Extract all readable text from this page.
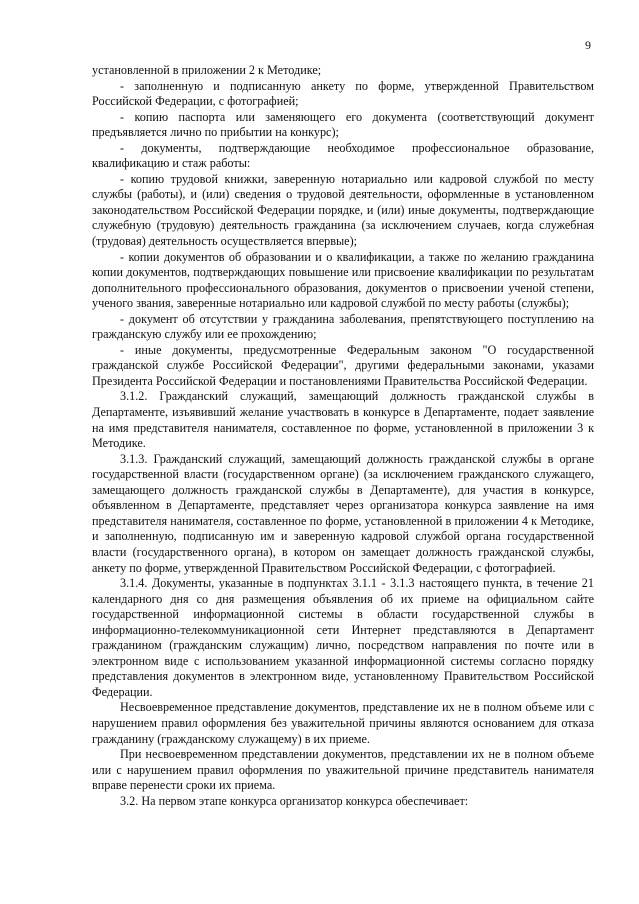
9

установленной в приложении 2 к Методике;

- заполненную и подписанную анкету по форме, утвержденной Правительством Российской Федерации, с фотографией;

- копию паспорта или заменяющего его документа (соответствующий документ предъявляется лично по прибытии на конкурс);

- документы, подтверждающие необходимое профессиональное образование, квалификацию и стаж работы:

- копию трудовой книжки, заверенную нотариально или кадровой службой по месту службы (работы), и (или) сведения о трудовой деятельности, оформленные в установленном законодательством Российской Федерации порядке, и (или) иные документы, подтверждающие служебную (трудовую) деятельность гражданина (за исключением случаев, когда служебная (трудовая) деятельность осуществляется впервые);

- копии документов об образовании и о квалификации, а также по желанию гражданина копии документов, подтверждающих повышение или присвоение квалификации по результатам дополнительного профессионального образования, документов о присвоении ученой степени, ученого звания, заверенные нотариально или кадровой службой по месту работы (службы);

- документ об отсутствии у гражданина заболевания, препятствующего поступлению на гражданскую службу или ее прохождению;

- иные документы, предусмотренные Федеральным законом "О государственной гражданской службе Российской Федерации", другими федеральными законами, указами Президента Российской Федерации и постановлениями Правительства Российской Федерации.

3.1.2. Гражданский служащий, замещающий должность гражданской службы в Департаменте, изъявивший желание участвовать в конкурсе в Департаменте, подает заявление на имя представителя нанимателя, составленное по форме, установленной в приложении 3 к Методике.

3.1.3. Гражданский служащий, замещающий должность гражданской службы в органе государственной власти (государственном органе) (за исключением гражданского служащего, замещающего должность гражданской службы в Департаменте), для участия в конкурсе, объявленном в Департаменте, представляет через организатора конкурса заявление на имя представителя нанимателя, составленное по форме, установленной в приложении 4 к Методике, и заполненную, подписанную им и заверенную кадровой службой органа государственной власти (государственного органа), в котором он замещает должность гражданской службы, анкету по форме, утвержденной Правительством Российской Федерации, с фотографией.

3.1.4. Документы, указанные в подпунктах 3.1.1 - 3.1.3 настоящего пункта, в течение 21 календарного дня со дня размещения объявления об их приеме на официальном сайте государственной информационной системы в области государственной службы в информационно-телекоммуникационной сети Интернет представляются в Департамент гражданином (гражданским служащим) лично, посредством направления по почте или в электронном виде с использованием указанной информационной системы согласно порядку представления документов в электронном виде, установленному Правительством Российской Федерации.

Несвоевременное представление документов, представление их не в полном объеме или с нарушением правил оформления без уважительной причины являются основанием для отказа гражданину (гражданскому служащему) в их приеме.

При несвоевременном представлении документов, представлении их не в полном объеме или с нарушением правил оформления по уважительной причине представитель нанимателя вправе перенести сроки их приема.

3.2. На первом этапе конкурса организатор конкурса обеспечивает:
